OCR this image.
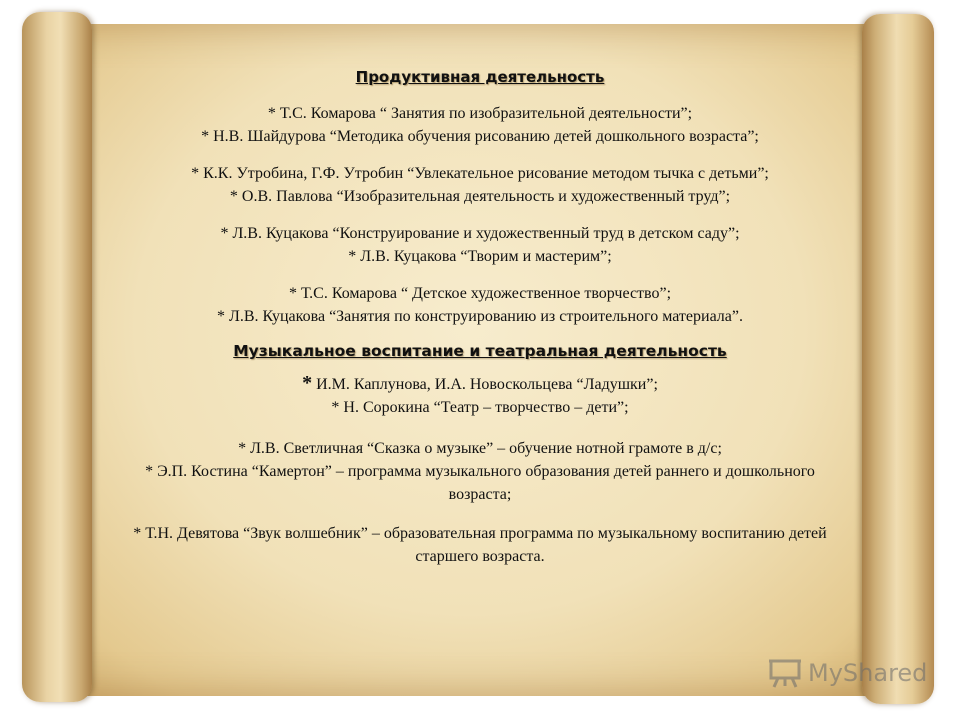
Продуктивная деятельность

* Т.С. Комарова “ Занятия по изобразительной деятельности”;

* Н.В. Шайдурова “Методика обучения рисованию детей дошкольного возраста”;

* К.К. Утробина, Г.Ф. Утробин “Увлекательное рисование методом тычка с детьми”;

* О.В. Павлова “Изобразительная деятельность и художественный труд”;

* Л.В. Куцакова “Конструирование и художественный труд в детском саду”;

* Л.В. Куцакова “Творим и мастерим”;

* Т.С. Комарова “ Детское художественное творчество”;

* Л.В. Куцакова “Занятия по конструированию из строительного материала”.

Музыкальное воспитание и театральная деятельность

* И.М. Каплунова, И.А. Новоскольцева “Ладушки”;

* Н. Сорокина “Театр – творчество – дети”;

* Л.В. Светличная “Сказка о музыке” – обучение нотной грамоте в д/с;

* Э.П. Костина “Камертон” – программа музыкального образования детей раннего и дошкольного

возраста;

* Т.Н. Девятова “Звук волшебник” – образовательная программа по музыкальному воспитанию детей

старшего возраста.

MyShared
